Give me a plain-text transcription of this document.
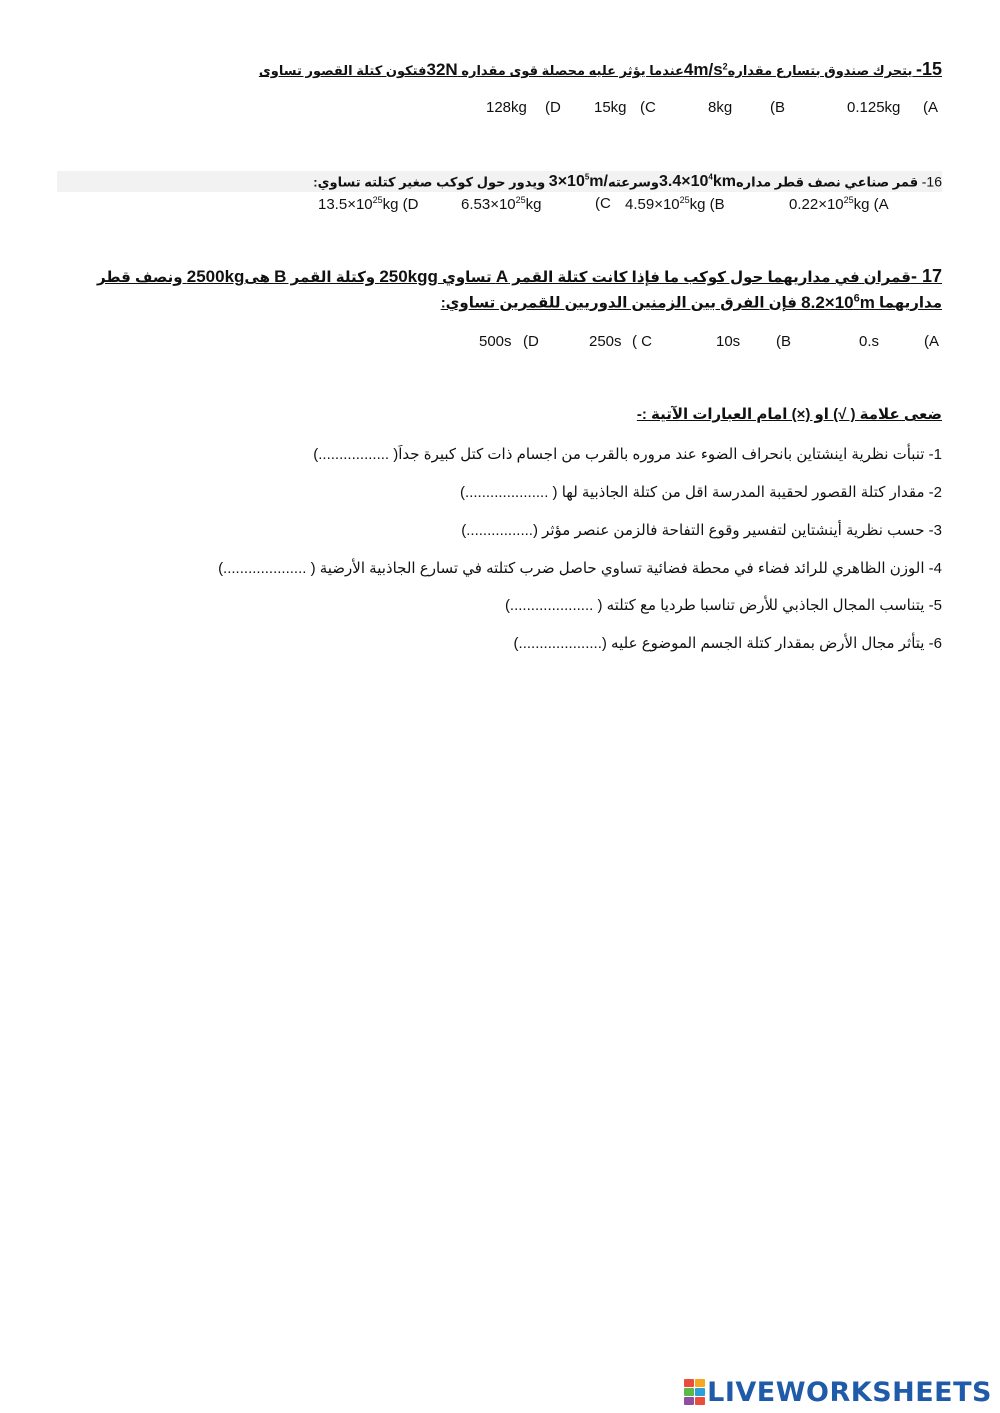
15- يتحرك صندوق بتسارع مقداره$^2$4m/sعندما يؤثر عليه محصلة قوى مقداره 32Nفتكون كتلة القصور تساوى
0.125kg (A
8kg	(B
15kg (C
128kg (D
16- قمر صناعي نصف قطر $مداره3.4\times 10^4kmوسرعته3\times 10^5m/$ ويدور حول كوكب صغير كتلته تساوي:
$0.22\times 10^{25}kg$ (A
$4.59\times 10^{25}kg$ (B
(C
$6.53\times 10^{25}kg$
$13.5\times 10^{25}kg$ (D
17 -قمران في مداريهما حول كوكب ما فإذا كانت كتلة القمر A تساوي 250kgg وكتلة القمر B هى2500kg ونصف قطر
مداريهما $8.2\times 10^6m$ فإن الفرق بين الزمنين الدوريين للقمرين تساوي:
0.s	(A
10s (B
250s ( C
500s (D
ضعى علامة ( √) او (×) امام العبارات الآتية :-
1- تنبأت نظرية اينشتاين بانحراف الضوء عند مروره بالقرب من اجسام ذات كتل كبيرة جداَ( .................)
2- مقدار كتلة القصور لحقيبة المدرسة اقل من كتلة الجاذبية لها ( ....................)
3- حسب نظرية أينشتاين لتفسير وقوع التفاحة فالزمن عنصر مؤثر (................)
4- الوزن الظاهري للرائد فضاء في محطة فضائية تساوي حاصل ضرب كتلته في تسارع الجاذبية الأرضية ( ....................)
5- يتناسب المجال الجاذبي للأرض تناسبا طرديا مع كتلته ( ....................)
6- يتأثر مجال الأرض بمقدار كتلة الجسم الموضوع عليه (....................)
LIVEWORKSHEETS
